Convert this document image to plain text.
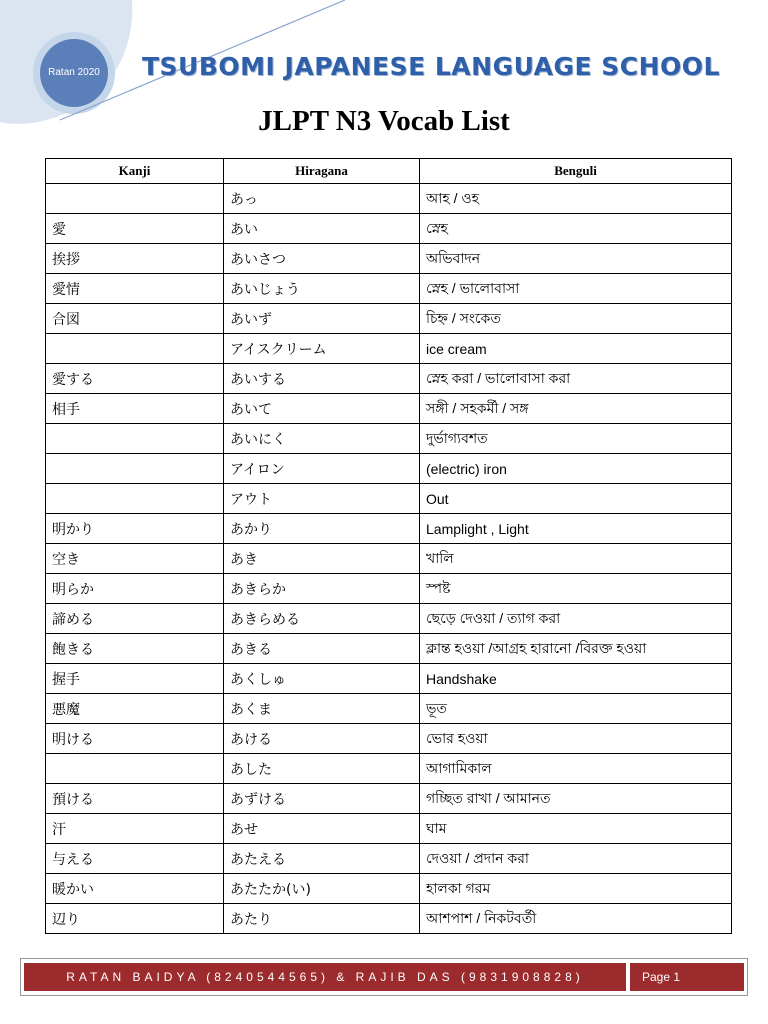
Ratan 2020	TSUBOMI JAPANESE LANGUAGE SCHOOL
JLPT N3 Vocab List
Kanji	Hiragana	Benguli
	あっ	আহ / ওহ
愛	あい	স্নেহ
挨拶	あいさつ	অভিবাদন
愛情	あいじょう	স্নেহ / ভালোবাসা
合図	あいず	চিহ্ন / সংকেত
	アイスクリーム	ice cream
愛する	あいする	স্নেহ করা / ভালোবাসা করা
相手	あいて	সঙ্গী / সহকর্মী / সঙ্গ
	あいにく	দুর্ভাগ্যবশত
	アイロン	(electric) iron
	アウト	Out
明かり	あかり	Lamplight , Light
空き	あき	খালি
明らか	あきらか	স্পষ্ট
諦める	あきらめる	ছেড়ে দেওয়া / ত্যাগ করা
飽きる	あきる	ক্লান্ত হওয়া /আগ্রহ হারানো /বিরক্ত হওয়া
握手	あくしゅ	Handshake
悪魔	あくま	ভূত
明ける	あける	ভোর হওয়া
	あした	আগামিকাল
預ける	あずける	গচ্ছিত রাখা / আমানত
汗	あせ	ঘাম
与える	あたえる	দেওয়া / প্রদান করা
暖かい	あたたか(い)	হালকা গরম
辺り	あたり	আশপাশ / নিকটবর্তী
RATAN BAIDYA (8240544565) & RAJIB DAS (9831908828)	Page 1
